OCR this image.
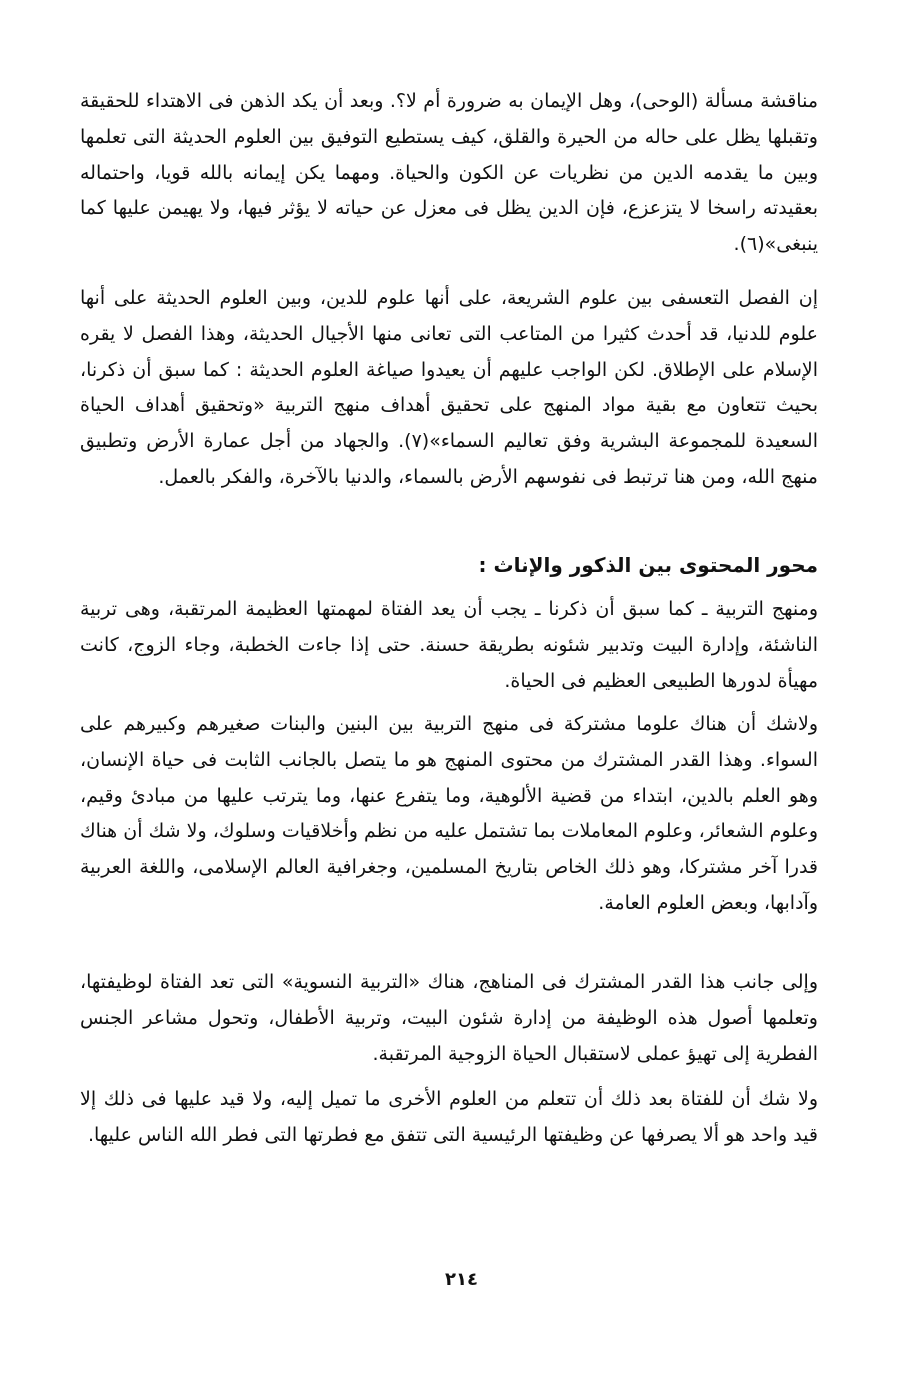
مناقشة مسألة (الوحى)، وهل الإيمان به ضرورة أم لا؟. وبعد أن يكد الذهن فى الاهتداء للحقيقة وتقبلها يظل على حاله من الحيرة والقلق، كيف يستطيع التوفيق بين العلوم الحديثة التى تعلمها وبين ما يقدمه الدين من نظريات عن الكون والحياة. ومهما يكن إيمانه بالله قويا، واحتماله بعقيدته راسخا لا يتزعزع، فإن الدين يظل فى معزل عن حياته لا يؤثر فيها، ولا يهيمن عليها كما ينبغى»(٦).

إن الفصل التعسفى بين علوم الشريعة، على أنها علوم للدين، وبين العلوم الحديثة على أنها علوم للدنيا، قد أحدث كثيرا من المتاعب التى تعانى منها الأجيال الحديثة، وهذا الفصل لا يقره الإسلام على الإطلاق. لكن الواجب عليهم أن يعيدوا صياغة العلوم الحديثة : كما سبق أن ذكرنا، بحيث تتعاون مع بقية مواد المنهج على تحقيق أهداف منهج التربية «وتحقيق أهداف الحياة السعيدة للمجموعة البشرية وفق تعاليم السماء»(٧). والجهاد من أجل عمارة الأرض وتطبيق منهج الله، ومن هنا ترتبط فى نفوسهم الأرض بالسماء، والدنيا بالآخرة، والفكر بالعمل.

محور المحتوى بين الذكور والإناث :

ومنهج التربية ـ كما سبق أن ذكرنا ـ يجب أن يعد الفتاة لمهمتها العظيمة المرتقبة، وهى تربية الناشئة، وإدارة البيت وتدبير شئونه بطريقة حسنة. حتى إذا جاءت الخطبة، وجاء الزوج، كانت مهيأة لدورها الطبيعى العظيم فى الحياة.

ولاشك أن هناك علوما مشتركة فى منهج التربية بين البنين والبنات صغيرهم وكبيرهم على السواء. وهذا القدر المشترك من محتوى المنهج هو ما يتصل بالجانب الثابت فى حياة الإنسان، وهو العلم بالدين، ابتداء من قضية الألوهية، وما يتفرع عنها، وما يترتب عليها من مبادئ وقيم، وعلوم الشعائر، وعلوم المعاملات بما تشتمل عليه من نظم وأخلاقيات وسلوك، ولا شك أن هناك قدرا آخر مشتركا، وهو ذلك الخاص بتاريخ المسلمين، وجغرافية العالم الإسلامى، واللغة العربية وآدابها، وبعض العلوم العامة.

وإلى جانب هذا القدر المشترك فى المناهج، هناك «التربية النسوية» التى تعد الفتاة لوظيفتها، وتعلمها أصول هذه الوظيفة من إدارة شئون البيت، وتربية الأطفال، وتحول مشاعر الجنس الفطرية إلى تهيؤ عملى لاستقبال الحياة الزوجية المرتقبة.

ولا شك أن للفتاة بعد ذلك أن تتعلم من العلوم الأخرى ما تميل إليه، ولا قيد عليها فى ذلك إلا قيد واحد هو ألا يصرفها عن وظيفتها الرئيسية التى تتفق مع فطرتها التى فطر الله الناس عليها.

٢١٤
